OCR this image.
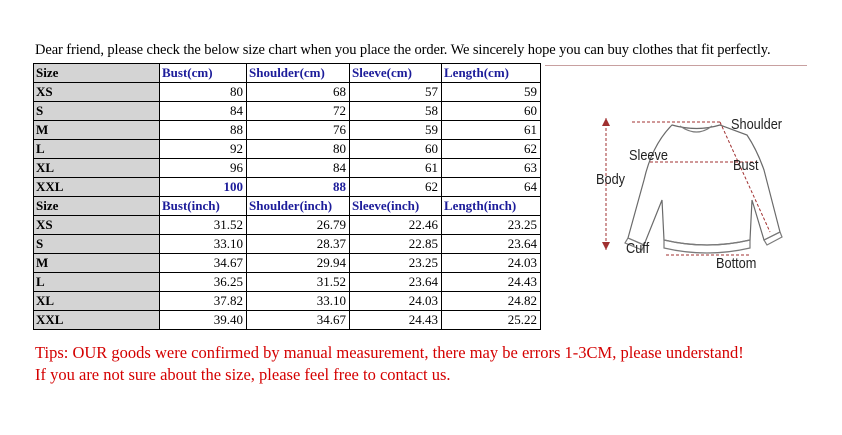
Dear friend, please check the below size chart when you place the order. We sincerely hope you can buy clothes that fit perfectly.
Size	Bust(cm)	Shoulder(cm)	Sleeve(cm)	Length(cm)
XS	80	68	57	59
S	84	72	58	60
M	88	76	59	61
L	92	80	60	62
XL	96	84	61	63
XXL	100	88	62	64
Size	Bust(inch)	Shoulder(inch)	Sleeve(inch)	Length(inch)
XS	31.52	26.79	22.46	23.25
S	33.10	28.37	22.85	23.64
M	34.67	29.94	23.25	24.03
L	36.25	31.52	23.64	24.43
XL	37.82	33.10	24.03	24.82
XXL	39.40	34.67	24.43	25.22
Tips: OUR goods were confirmed by manual measurement, there may be errors 1-3CM, please understand!
If you are not sure about the size, please feel free to contact us.
Shoulder
Sleeve
Bust
Body
Cuff
Bottom
